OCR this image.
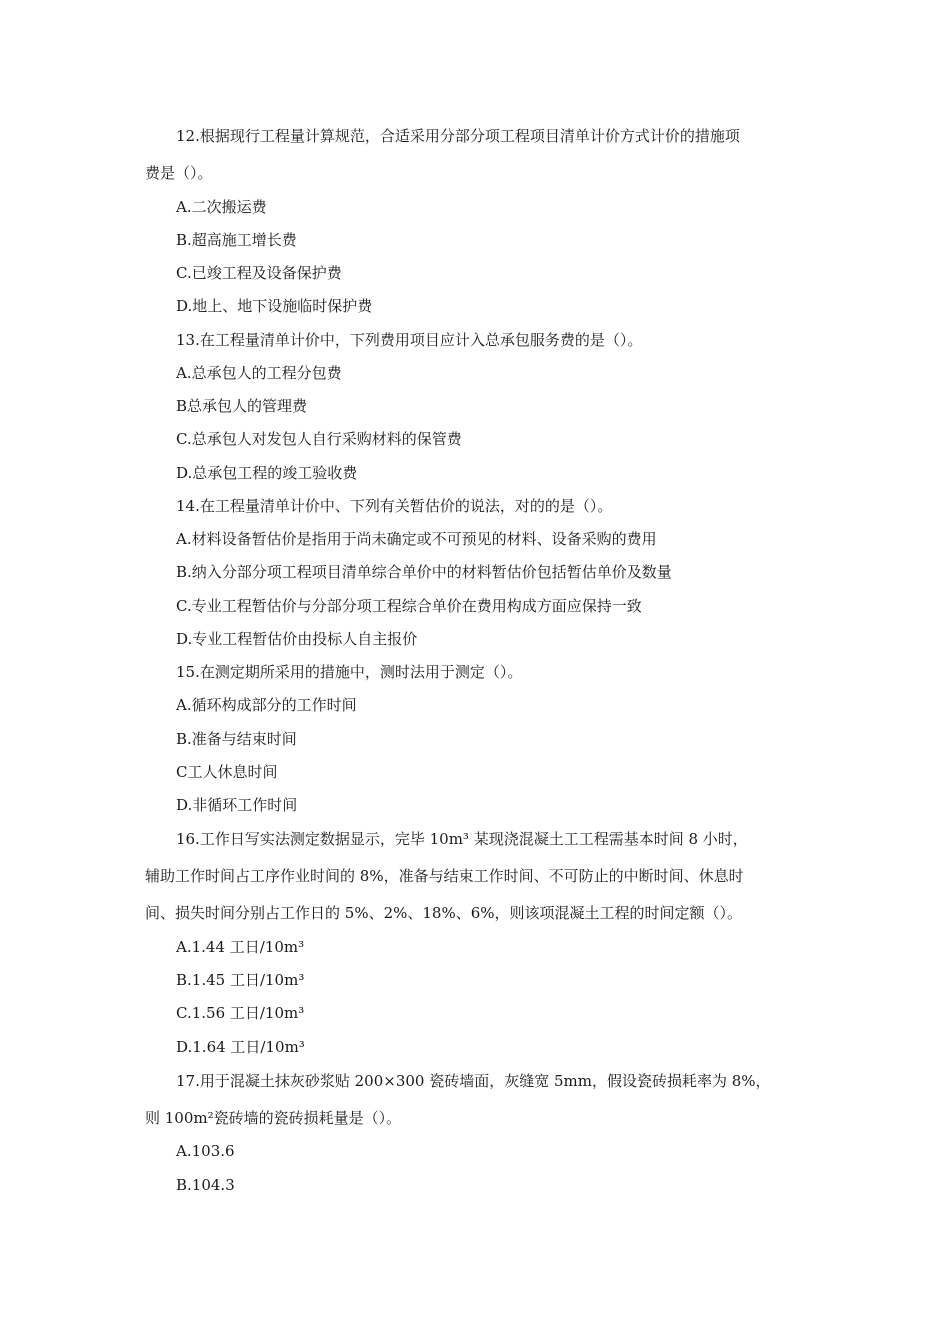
12.根据现行工程量计算规范，合适采用分部分项工程项目清单计价方式计价的措施项
费是（）。
A.二次搬运费
B.超高施工增长费
C.已竣工程及设备保护费
D.地上、地下设施临时保护费
13.在工程量清单计价中，下列费用项目应计入总承包服务费的是（）。
A.总承包人的工程分包费
B总承包人的管理费
C.总承包人对发包人自行采购材料的保管费
D.总承包工程的竣工验收费
14.在工程量清单计价中、下列有关暂估价的说法，对的的是（）。
A.材料设备暂估价是指用于尚未确定或不可预见的材料、设备采购的费用
B.纳入分部分项工程项目清单综合单价中的材料暂估价包括暂估单价及数量
C.专业工程暂估价与分部分项工程综合单价在费用构成方面应保持一致
D.专业工程暂估价由投标人自主报价
15.在测定期所采用的措施中，测时法用于测定（）。
A.循环构成部分的工作时间
B.准备与结束时间
C工人休息时间
D.非循环工作时间
16.工作日写实法测定数据显示，完毕 10m³ 某现浇混凝土工工程需基本时间 8 小时，
辅助工作时间占工序作业时间的 8%，准备与结束工作时间、不可防止的中断时间、休息时
间、损失时间分别占工作日的 5%、2%、18%、6%，则该项混凝土工程的时间定额（）。
A.1.44 工日/10m³
B.1.45 工日/10m³
C.1.56 工日/10m³
D.1.64 工日/10m³
17.用于混凝土抹灰砂浆贴 200×300 瓷砖墙面，灰缝宽 5mm，假设瓷砖损耗率为 8%，
则 100m²瓷砖墙的瓷砖损耗量是（）。
A.103.6
B.104.3
